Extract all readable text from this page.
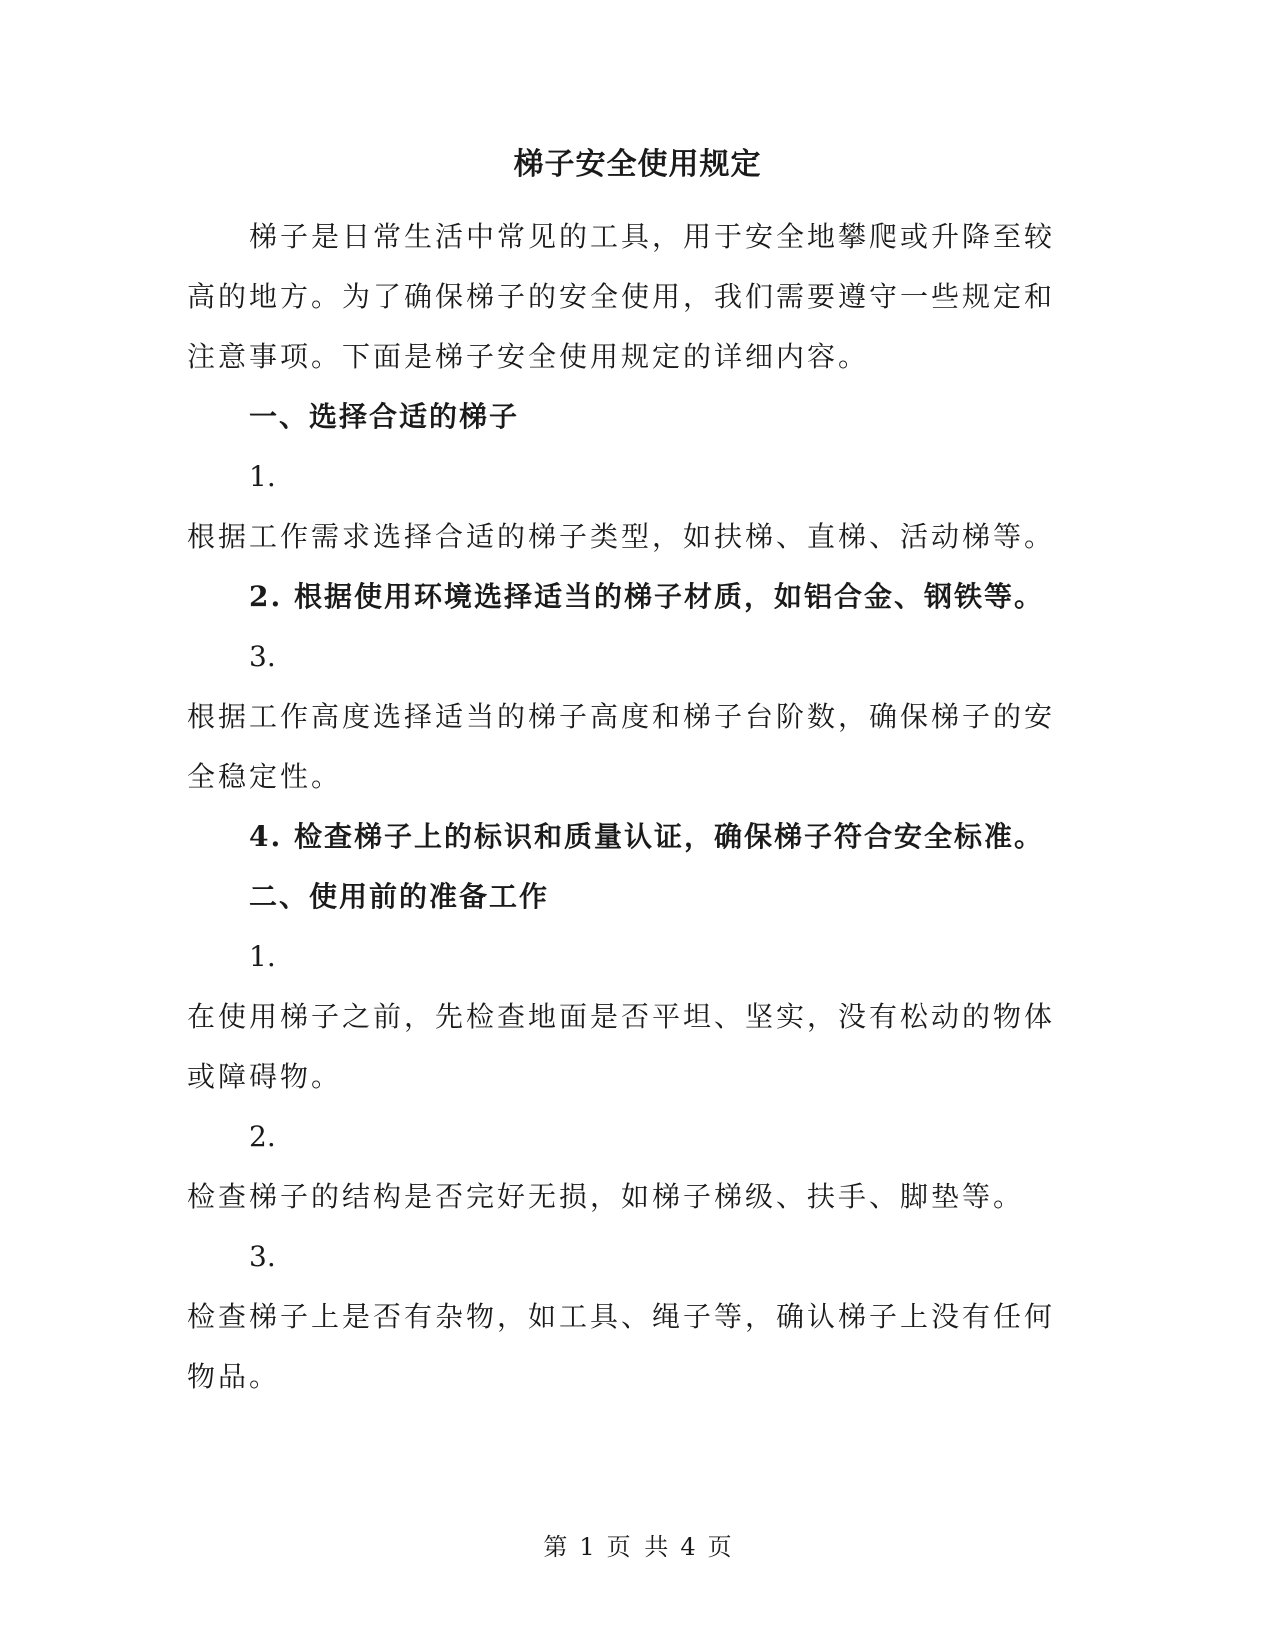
梯子安全使用规定

梯子是日常生活中常见的工具，用于安全地攀爬或升降至较高的地方。为了确保梯子的安全使用，我们需要遵守一些规定和注意事项。下面是梯子安全使用规定的详细内容。

一、选择合适的梯子

1.

根据工作需求选择合适的梯子类型，如扶梯、直梯、活动梯等。

2. 根据使用环境选择适当的梯子材质，如铝合金、钢铁等。

3.

根据工作高度选择适当的梯子高度和梯子台阶数，确保梯子的安全稳定性。

4. 检查梯子上的标识和质量认证，确保梯子符合安全标准。

二、使用前的准备工作

1.

在使用梯子之前，先检查地面是否平坦、坚实，没有松动的物体或障碍物。

2.

检查梯子的结构是否完好无损，如梯子梯级、扶手、脚垫等。

3.

检查梯子上是否有杂物，如工具、绳子等，确认梯子上没有任何物品。

第 1 页 共 4 页
